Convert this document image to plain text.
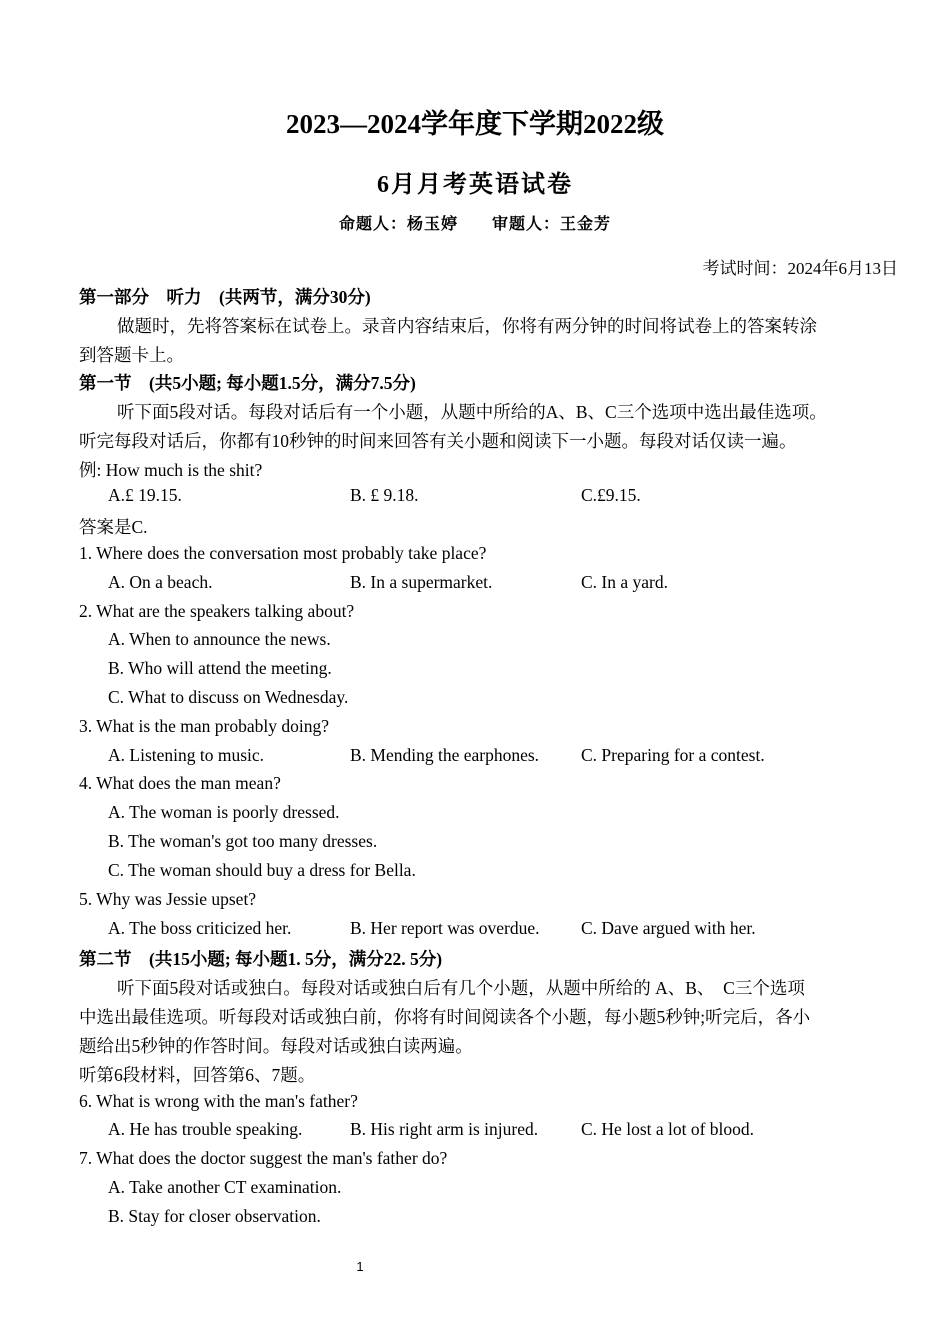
2023—2024学年度下学期2022级
6月月考英语试卷
命题人：杨玉婷　　审题人：王金芳
考试时间：2024年6月13日
第一部分　听力　(共两节，满分30分)
做题时，先将答案标在试卷上。录音内容结束后，你将有两分钟的时间将试卷上的答案转涂
到答题卡上。
第一节　(共5小题; 每小题1.5分，满分7.5分)
听下面5段对话。每段对话后有一个小题，从题中所给的A、B、C三个选项中选出最佳选项。
听完每段对话后，你都有10秒钟的时间来回答有关小题和阅读下一小题。每段对话仅读一遍。
例: How much is the shit?
A.£ 19.15.	B. £ 9.18.	C.£9.15.
答案是C.
1. Where does the conversation most probably take place?
A. On a beach.	B. In a supermarket.	C. In a yard.
2. What are the speakers talking about?
A. When to announce the news.
B. Who will attend the meeting.
C. What to discuss on Wednesday.
3. What is the man probably doing?
A. Listening to music.	B. Mending the earphones. C. Preparing for a contest.
4. What does the man mean?
A. The woman is poorly dressed.
B. The woman's got too many dresses.
C. The woman should buy a dress for Bella.
5. Why was Jessie upset?
A. The boss criticized her.	B. Her report was overdue. C. Dave argued with her.
第二节　(共15小题; 每小题1. 5分，满分22. 5分)
听下面5段对话或独白。每段对话或独白后有几个小题，从题中所给的 A、B、　C三个选项
中选出最佳选项。听每段对话或独白前，你将有时间阅读各个小题，每小题5秒钟;听完后，各小
题给出5秒钟的作答时间。每段对话或独白读两遍。
听第6段材料，回答第6、7题。
6. What is wrong with the man's father?
A. He has trouble speaking.	B. His right arm is injured. C. He lost a lot of blood.
7. What does the doctor suggest the man's father do?
A. Take another CT examination.
B. Stay for closer observation.
1
